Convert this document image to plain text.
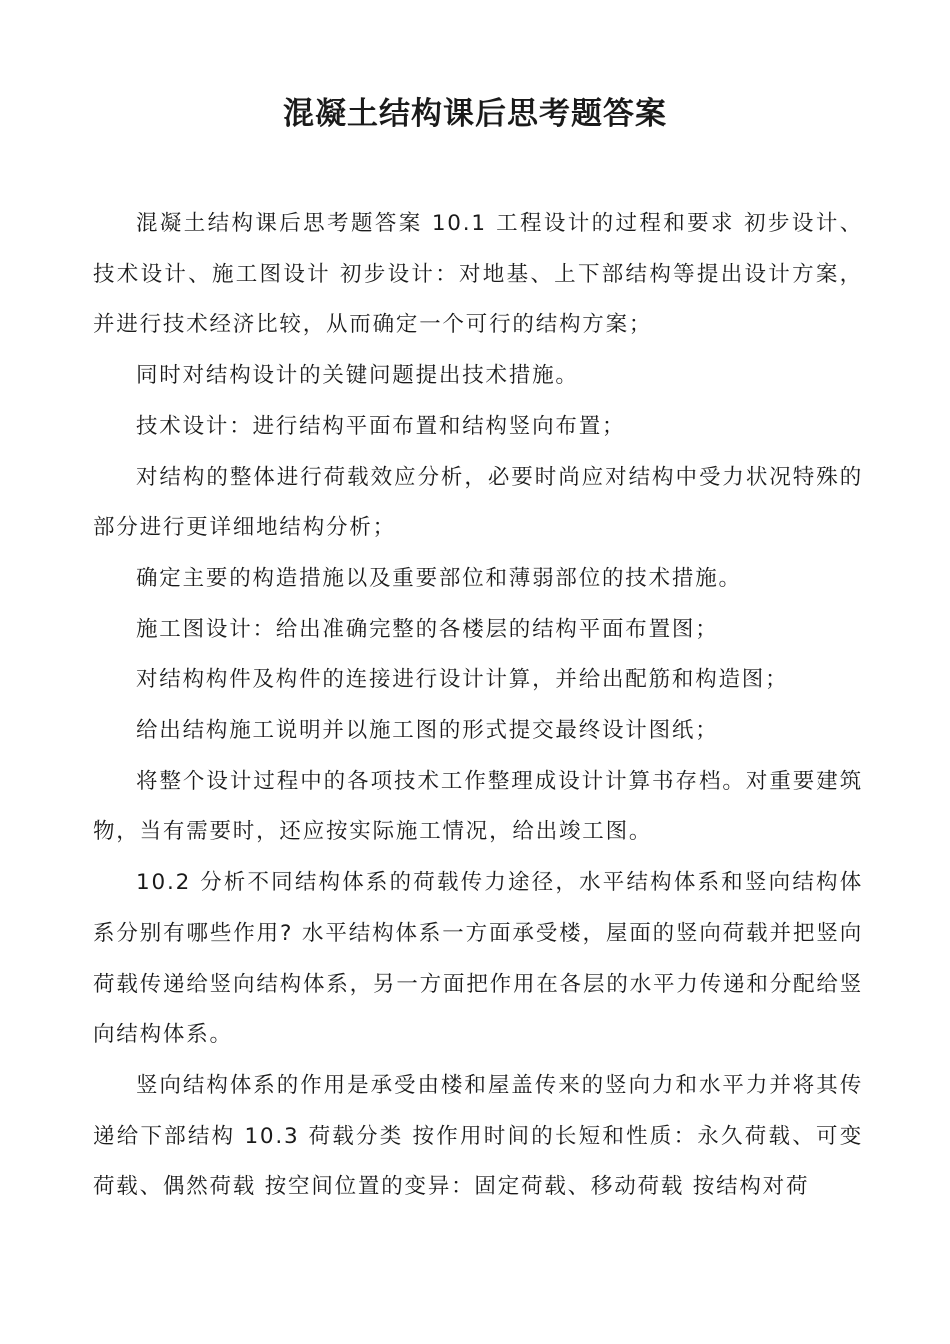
混凝土结构课后思考题答案

混凝土结构课后思考题答案 10.1 工程设计的过程和要求 初步设计、技术设计、施工图设计 初步设计：对地基、上下部结构等提出设计方案，并进行技术经济比较，从而确定一个可行的结构方案；

同时对结构设计的关键问题提出技术措施。

技术设计：进行结构平面布置和结构竖向布置；

对结构的整体进行荷载效应分析，必要时尚应对结构中受力状况特殊的部分进行更详细地结构分析；

确定主要的构造措施以及重要部位和薄弱部位的技术措施。

施工图设计：给出准确完整的各楼层的结构平面布置图；

对结构构件及构件的连接进行设计计算，并给出配筋和构造图；

给出结构施工说明并以施工图的形式提交最终设计图纸；

将整个设计过程中的各项技术工作整理成设计计算书存档。对重要建筑物，当有需要时，还应按实际施工情况，给出竣工图。

10.2 分析不同结构体系的荷载传力途径，水平结构体系和竖向结构体系分别有哪些作用? 水平结构体系一方面承受楼，屋面的竖向荷载并把竖向荷载传递给竖向结构体系，另一方面把作用在各层的水平力传递和分配给竖向结构体系。

竖向结构体系的作用是承受由楼和屋盖传来的竖向力和水平力并将其传递给下部结构 10.3 荷载分类 按作用时间的长短和性质：永久荷载、可变荷载、偶然荷载 按空间位置的变异：固定荷载、移动荷载 按结构对荷
